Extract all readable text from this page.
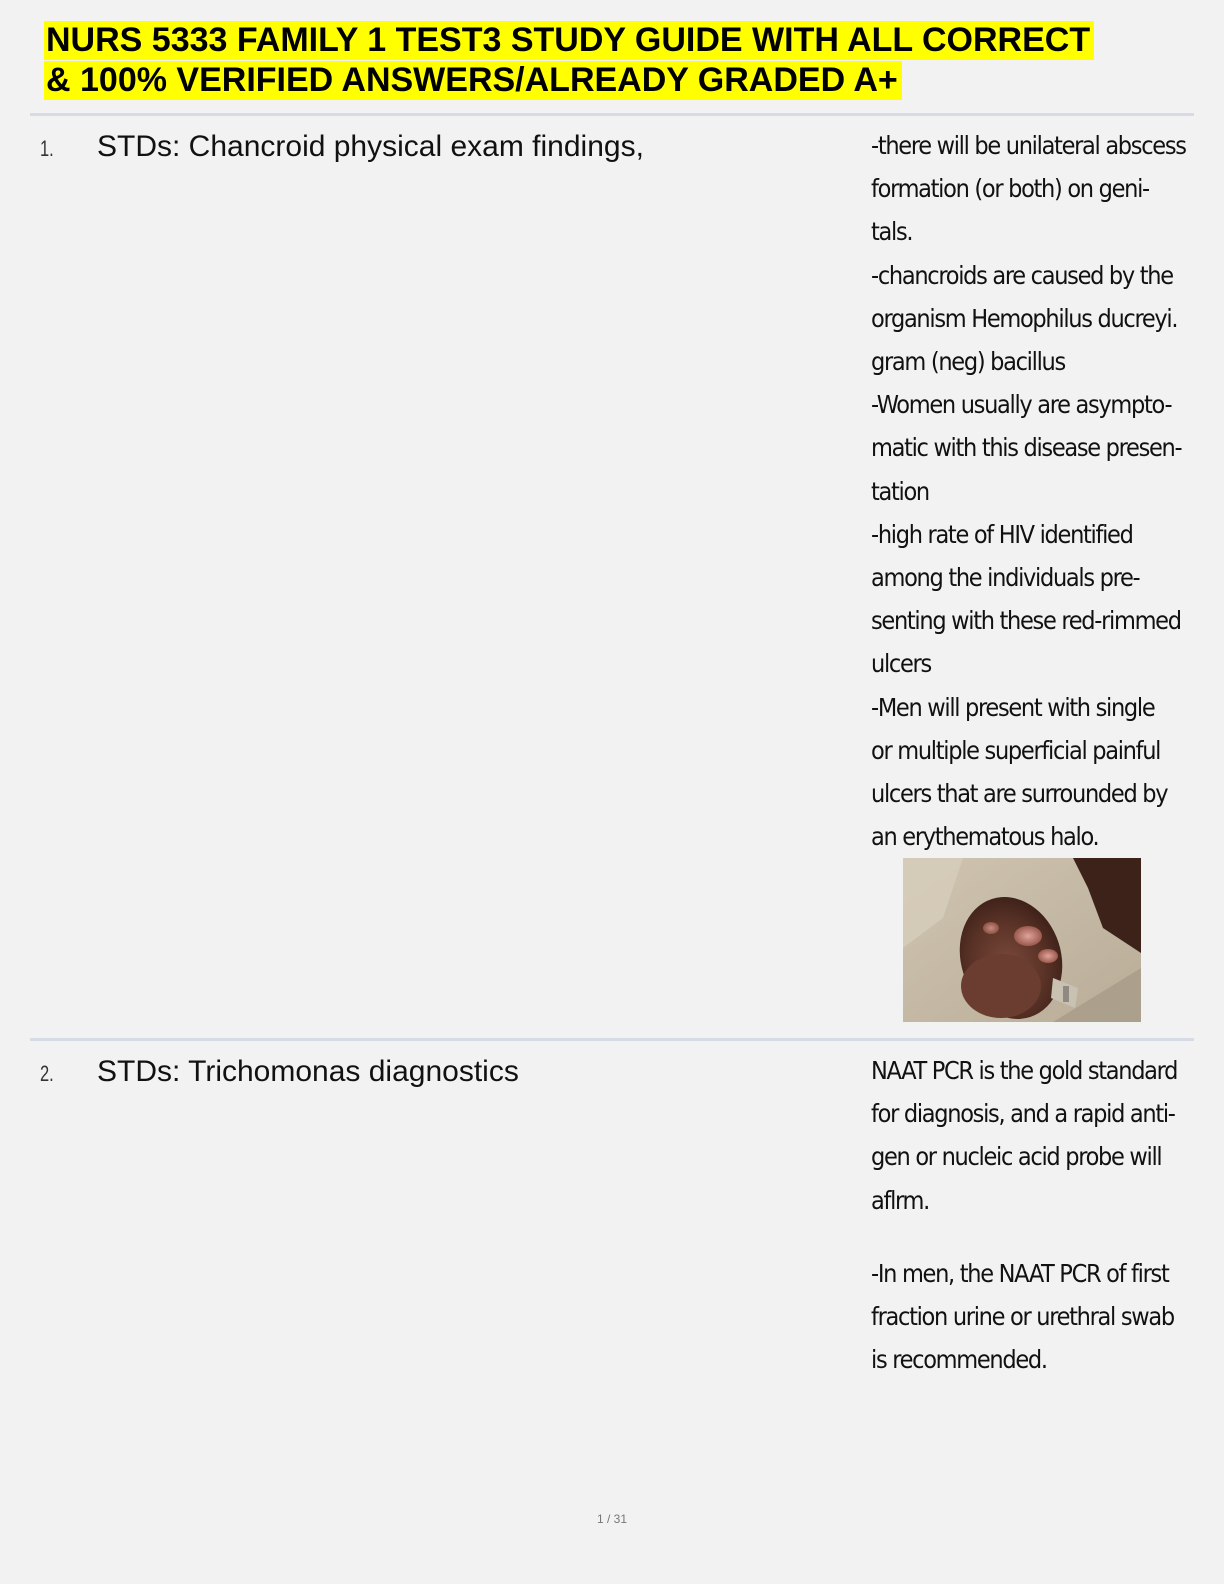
NURS 5333 FAMILY 1 TEST3 STUDY GUIDE WITH ALL CORRECT
& 100% VERIFIED ANSWERS/ALREADY GRADED A+
1. STDs: Chancroid physical exam findings,	-there will be unilateral abscess

formation (or both) on geni-

tals.

-chancroids are caused by the

organism Hemophilus ducreyi.

gram (neg) bacillus

-Women usually are asympto-

matic with this disease presen-

tation

-high rate of HIV identified

among the individuals pre-

senting with these red-rimmed

ulcers

-Men will present with single

or multiple superficial painful

ulcers that are surrounded by

an erythematous halo.

2. STDs: Trichomonas diagnostics	NAAT PCR is the gold standard

for diagnosis, and a rapid anti-

gen or nucleic acid probe will

aflrm.

-In men, the NAAT PCR of first

fraction urine or urethral swab

is recommended.

1 / 31
